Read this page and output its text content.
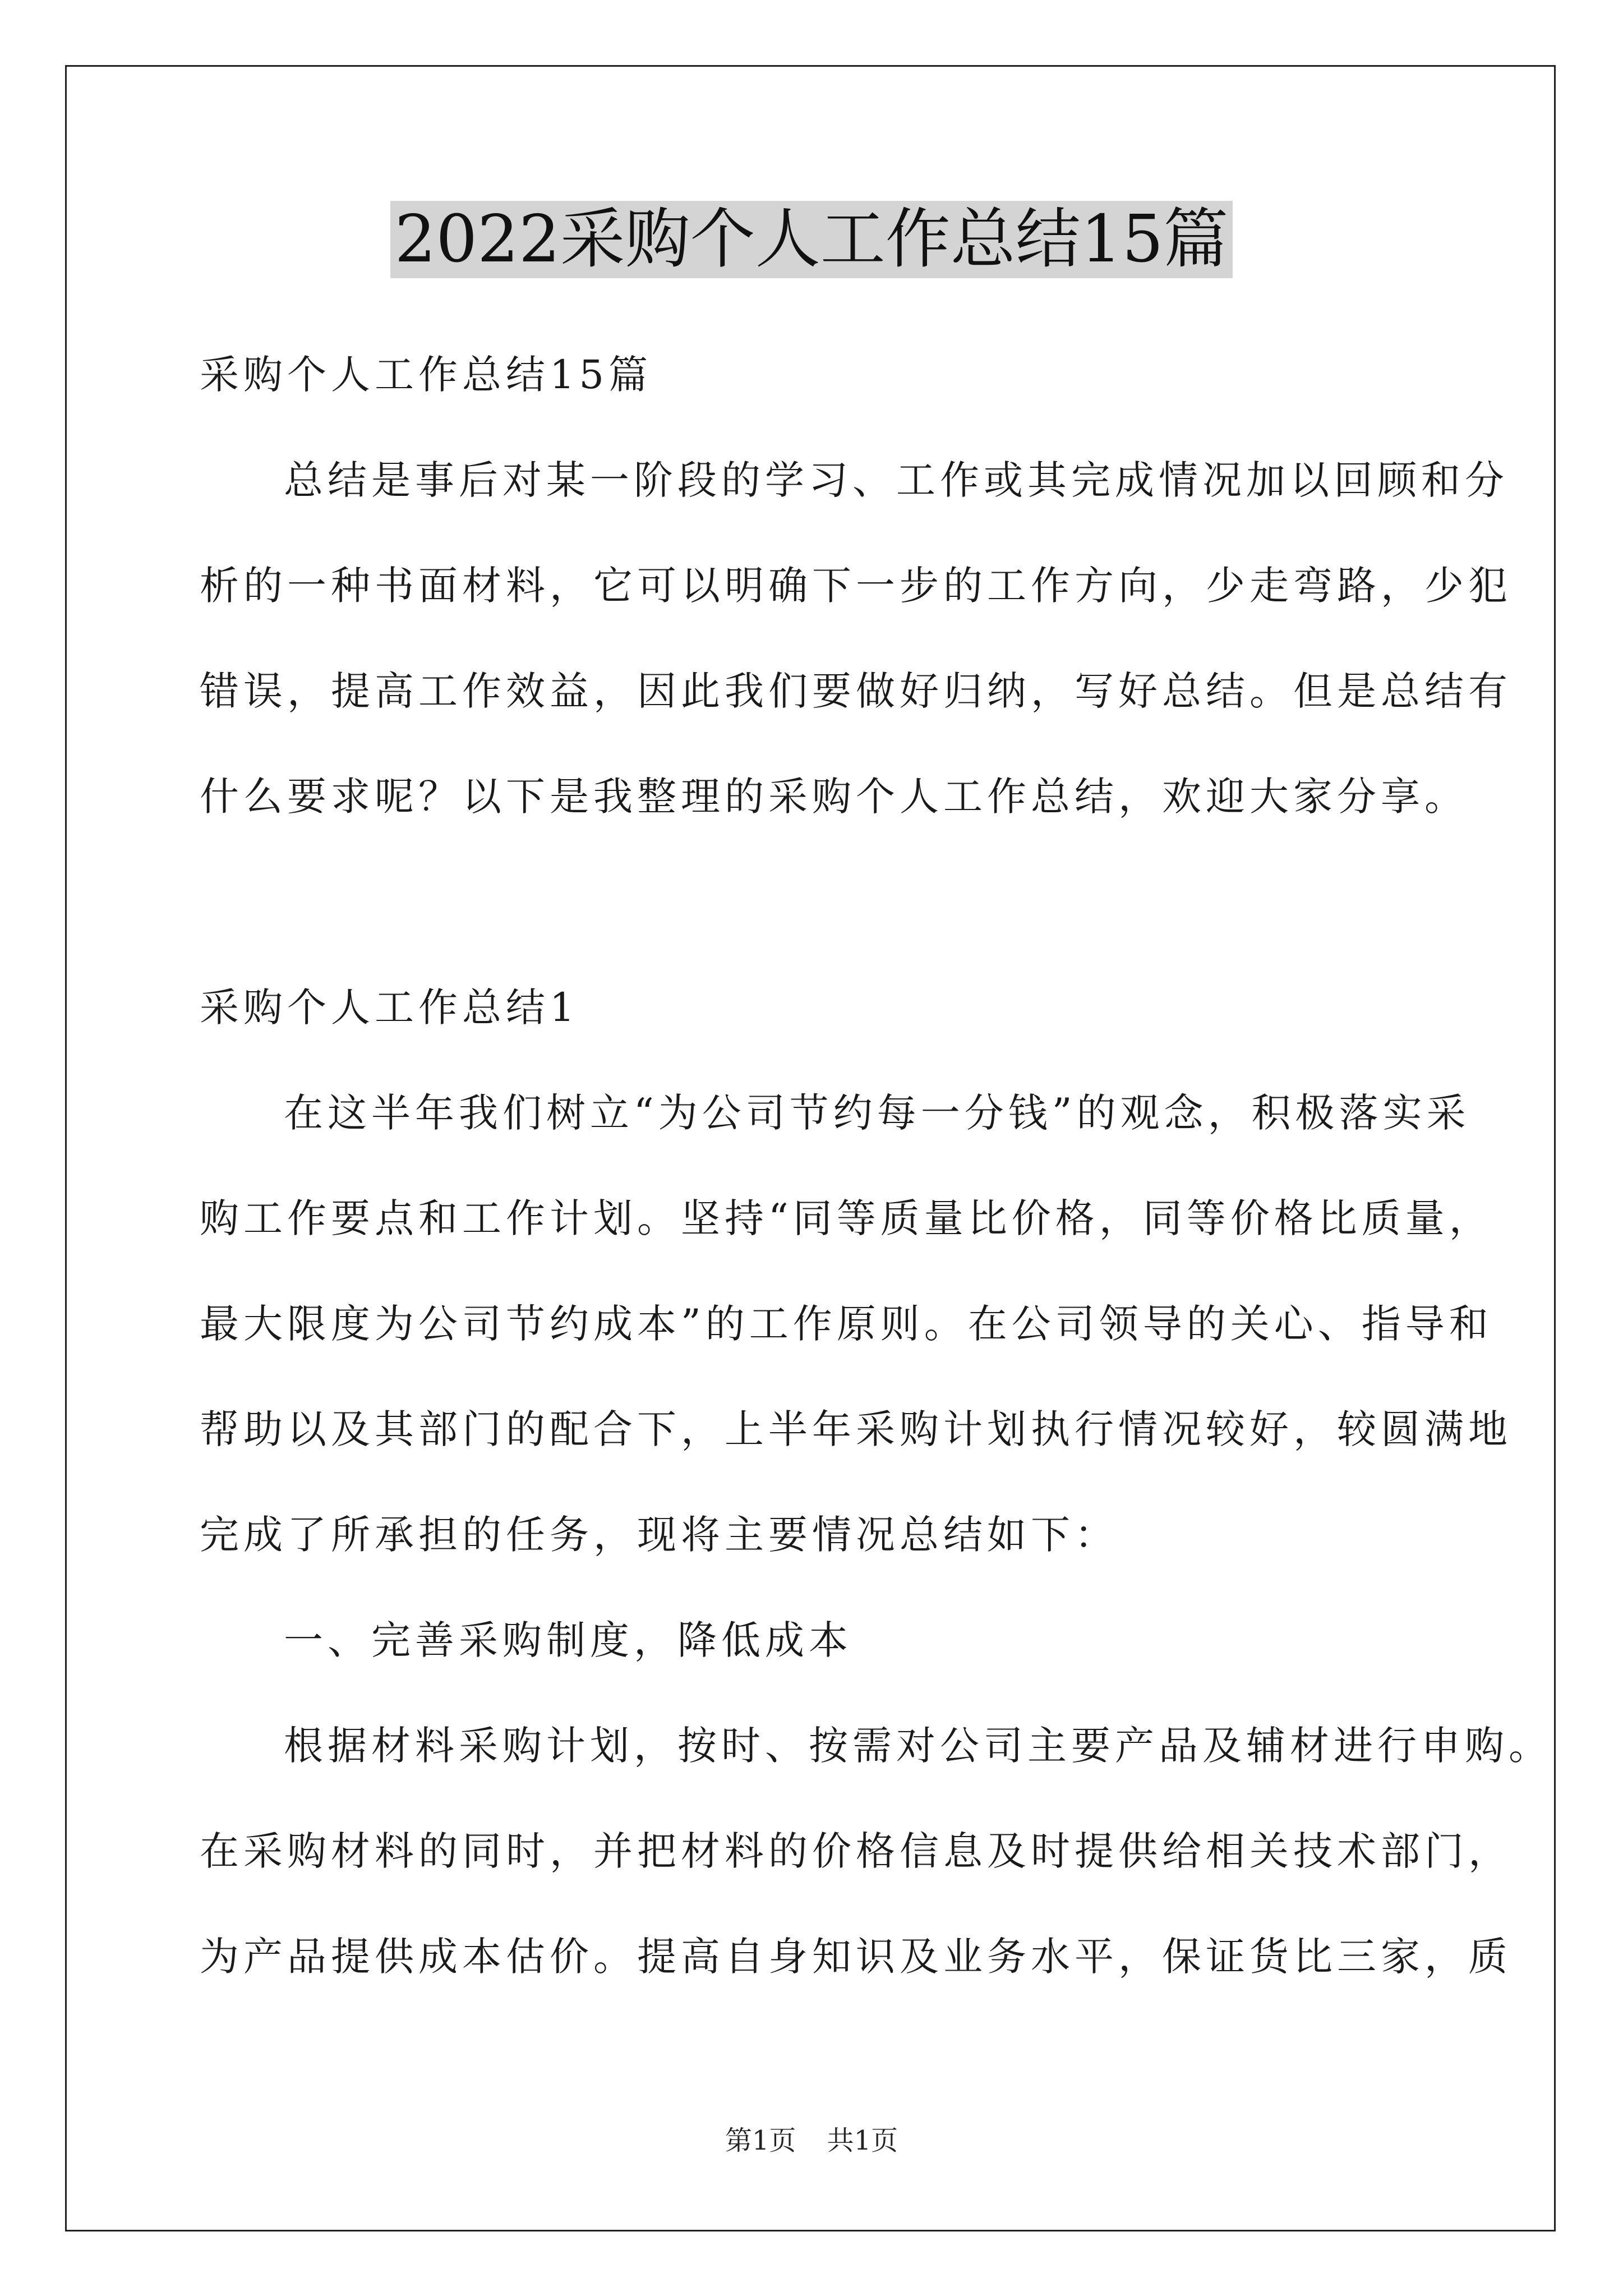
2022采购个人工作总结15篇
采购个人工作总结15篇
总结是事后对某一阶段的学习、工作或其完成情况加以回顾和分
析的一种书面材料，它可以明确下一步的工作方向，少走弯路，少犯
错误，提高工作效益，因此我们要做好归纳，写好总结。但是总结有
什么要求呢？以下是我整理的采购个人工作总结，欢迎大家分享。
采购个人工作总结1
在这半年我们树立“为公司节约每一分钱”的观念，积极落实采
购工作要点和工作计划。坚持“同等质量比价格，同等价格比质量，
最大限度为公司节约成本”的工作原则。在公司领导的关心、指导和
帮助以及其部门的配合下，上半年采购计划执行情况较好，较圆满地
完成了所承担的任务，现将主要情况总结如下：
一、完善采购制度，降低成本
根据材料采购计划，按时、按需对公司主要产品及辅材进行申购。
在采购材料的同时，并把材料的价格信息及时提供给相关技术部门，
为产品提供成本估价。提高自身知识及业务水平，保证货比三家，质
第1页 共1页
